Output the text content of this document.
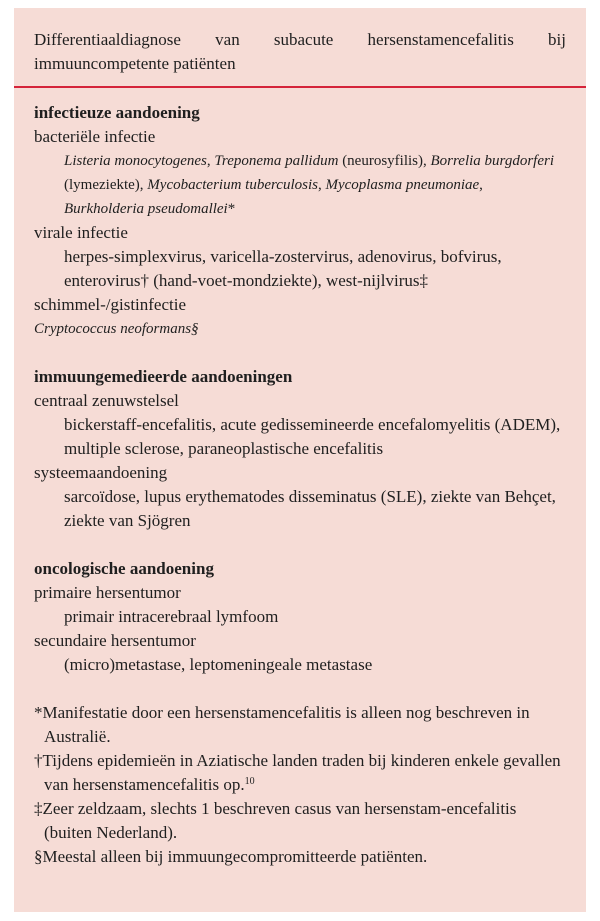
Differentiaaldiagnose van subacute hersenstamencefalitis bij immuuncompetente patiënten
infectieuze aandoening
bacteriële infectie
Listeria monocytogenes, Treponema pallidum (neurosyfilis), Borrelia burgdorferi (lymeziekte), Mycobacterium tuberculosis, Mycoplasma pneumoniae, Burkholderia pseudomallei*
virale infectie
herpes-simplexvirus, varicella-zostervirus, adenovirus, bofvirus, enterovirus† (hand-voet-mondziekte), west-nijlvirus‡
schimmel-/gistinfectie
Cryptococcus neoformans§
immuungemedieerde aandoeningen
centraal zenuwstelsel
bickerstaff-encefalitis, acute gedissemineerde encefalomyelitis (ADEM), multiple sclerose, paraneoplastische encefalitis
systeemaandoening
sarcoïdose, lupus erythematodes disseminatus (SLE), ziekte van Behçet, ziekte van Sjögren
oncologische aandoening
primaire hersentumor
primair intracerebraal lymfoom
secundaire hersentumor
(micro)metastase, leptomeningeale metastase
*Manifestatie door een hersenstamencefalitis is alleen nog beschreven in Australië.
†Tijdens epidemieën in Aziatische landen traden bij kinderen enkele gevallen van hersenstamencefalitis op.$^{10}$
‡Zeer zeldzaam, slechts 1 beschreven casus van hersenstam-encefalitis (buiten Nederland).
§Meestal alleen bij immuungecompromitteerde patiënten.
